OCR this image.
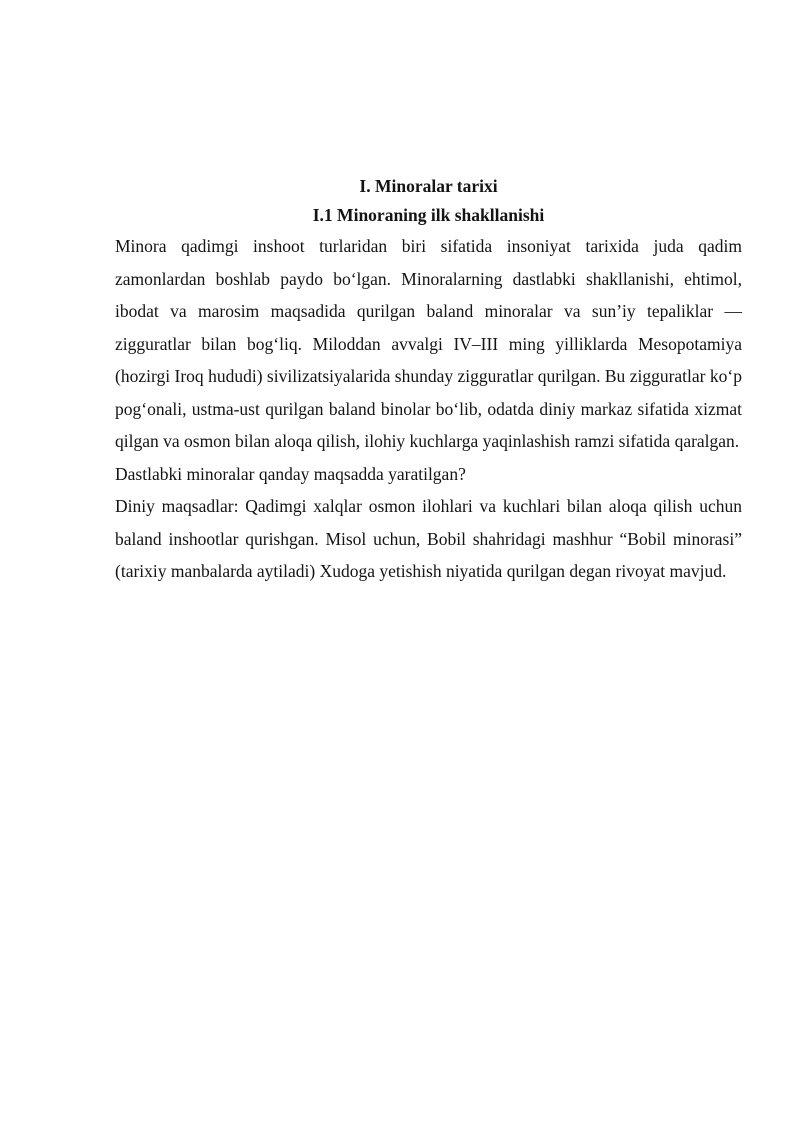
I. Minoralar tarixi

I.1 Minoraning ilk shakllanishi

Minora qadimgi inshoot turlaridan biri sifatida insoniyat tarixida juda qadim zamonlardan boshlab paydo bo‘lgan. Minoralarning dastlabki shakllanishi, ehtimol, ibodat va marosim maqsadida qurilgan baland minoralar va sun’iy tepaliklar — zigguratlar bilan bog‘liq. Miloddan avvalgi IV–III ming yilliklarda Mesopotamiya (hozirgi Iroq hududi) sivilizatsiyalarida shunday zigguratlar qurilgan. Bu zigguratlar ko‘p pog‘onali, ustma-ust qurilgan baland binolar bo‘lib, odatda diniy markaz sifatida xizmat qilgan va osmon bilan aloqa qilish, ilohiy kuchlarga yaqinlashish ramzi sifatida qaralgan.

Dastlabki minoralar qanday maqsadda yaratilgan?

Diniy maqsadlar: Qadimgi xalqlar osmon ilohlari va kuchlari bilan aloqa qilish uchun baland inshootlar qurishgan. Misol uchun, Bobil shahridagi mashhur “Bobil minorasi” (tarixiy manbalarda aytiladi) Xudoga yetishish niyatida qurilgan degan rivoyat mavjud.
